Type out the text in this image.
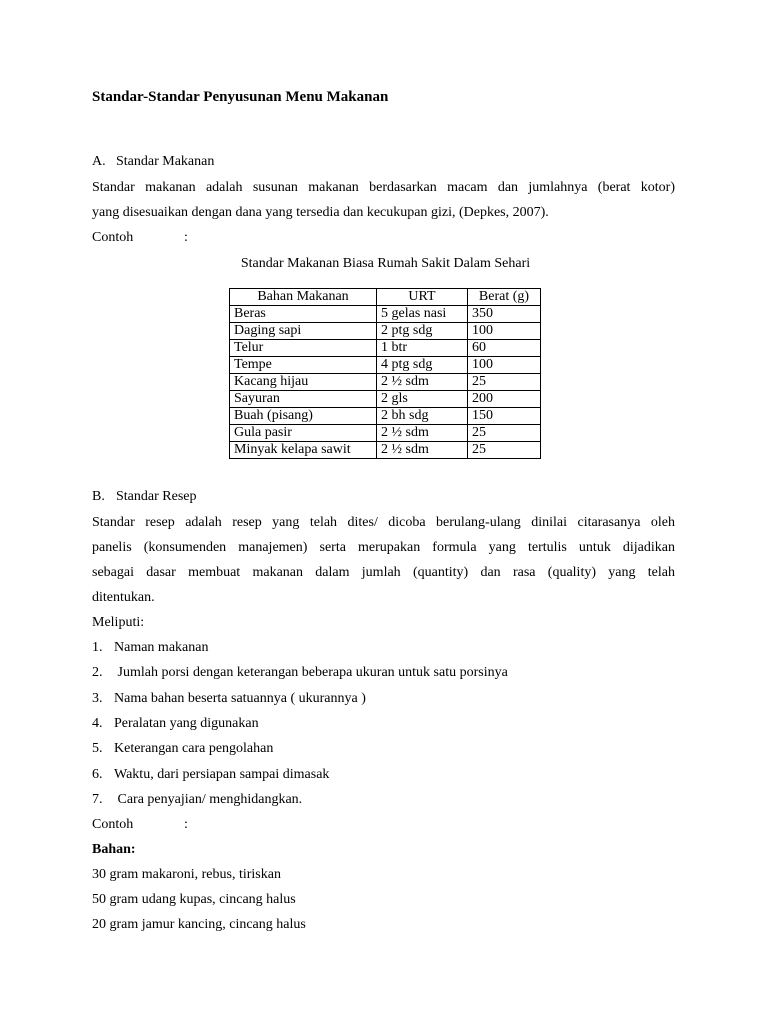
Standar-Standar Penyusunan Menu Makanan
A. Standar Makanan
Standar makanan adalah susunan makanan berdasarkan macam dan jumlahnya (berat kotor)
yang disesuaikan dengan dana yang tersedia dan kecukupan gizi, (Depkes, 2007).
Contoh	:
Standar Makanan Biasa Rumah Sakit Dalam Sehari
Bahan Makanan	URT	Berat (g)
Beras	5 gelas nasi	350
Daging sapi	2 ptg sdg	100
Telur	1 btr	60
Tempe	4 ptg sdg	100
Kacang hijau	2 ½ sdm	25
Sayuran	2 gls	200
Buah (pisang)	2 bh sdg	150
Gula pasir	2 ½ sdm	25
Minyak kelapa sawit	2 ½ sdm	25
B. Standar Resep
Standar resep adalah resep yang telah dites/ dicoba berulang-ulang dinilai citarasanya oleh
panelis (konsumenden manajemen) serta merupakan formula yang tertulis untuk dijadikan
sebagai dasar membuat makanan dalam jumlah (quantity) dan rasa (quality) yang telah
ditentukan.
Meliputi:
1. Naman makanan
2. Jumlah porsi dengan keterangan beberapa ukuran untuk satu porsinya
3. Nama bahan beserta satuannya ( ukurannya )
4. Peralatan yang digunakan
5. Keterangan cara pengolahan
6. Waktu, dari persiapan sampai dimasak
7. Cara penyajian/ menghidangkan.
Contoh	:
Bahan:
30 gram makaroni, rebus, tiriskan
50 gram udang kupas, cincang halus
20 gram jamur kancing, cincang halus
